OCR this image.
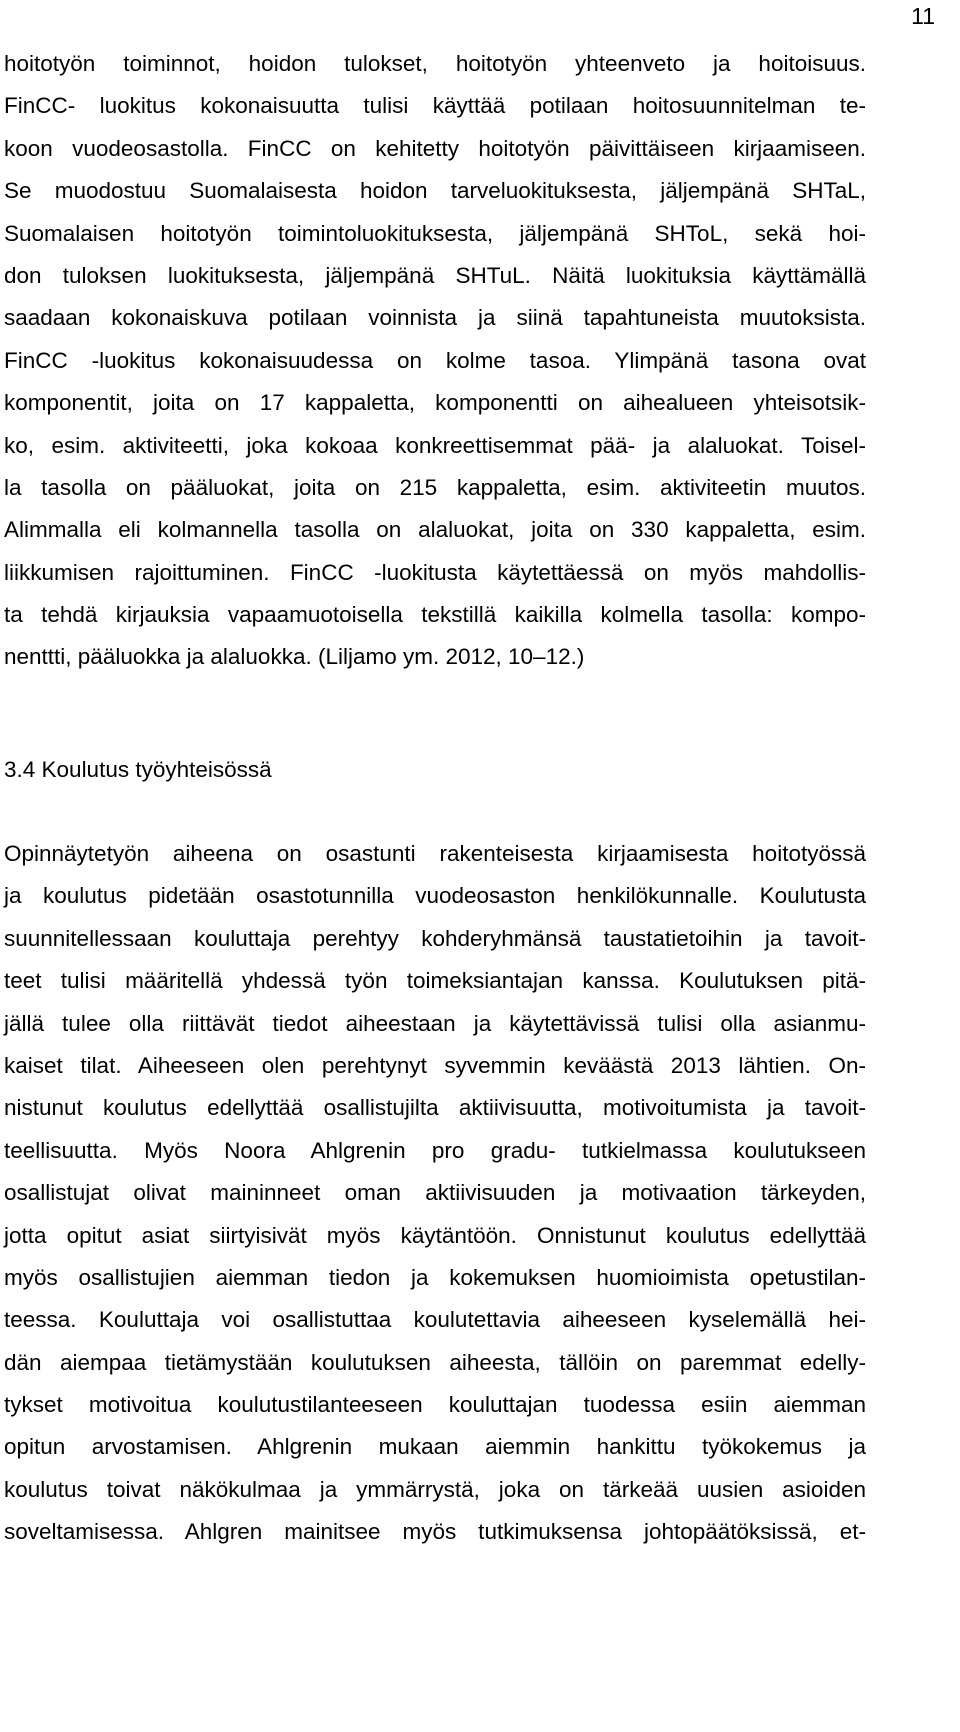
11
hoitotyön toiminnot, hoidon tulokset, hoitotyön yhteenveto ja hoitoisuus.
FinCC- luokitus kokonaisuutta tulisi käyttää potilaan hoitosuunnitelman te-
koon vuodeosastolla. FinCC on kehitetty hoitotyön päivittäiseen kirjaamiseen.
Se muodostuu Suomalaisesta hoidon tarveluokituksesta, jäljempänä SHTaL,
Suomalaisen hoitotyön toimintoluokituksesta, jäljempänä SHToL, sekä hoi-
don tuloksen luokituksesta, jäljempänä SHTuL. Näitä luokituksia käyttämällä
saadaan kokonaiskuva potilaan voinnista ja siinä tapahtuneista muutoksista.
FinCC -luokitus kokonaisuudessa on kolme tasoa. Ylimpänä tasona ovat
komponentit, joita on 17 kappaletta, komponentti on aihealueen yhteisotsik-
ko, esim. aktiviteetti, joka kokoaa konkreettisemmat pää- ja alaluokat. Toisel-
la tasolla on pääluokat, joita on 215 kappaletta, esim. aktiviteetin muutos.
Alimmalla eli kolmannella tasolla on alaluokat, joita on 330 kappaletta, esim.
liikkumisen rajoittuminen. FinCC -luokitusta käytettäessä on myös mahdollis-
ta tehdä kirjauksia vapaamuotoisella tekstillä kaikilla kolmella tasolla: kompo-
nenttti, pääluokka ja alaluokka. (Liljamo ym. 2012, 10–12.)
3.4 Koulutus työyhteisössä
Opinnäytetyön aiheena on osastunti rakenteisesta kirjaamisesta hoitotyössä
ja koulutus pidetään osastotunnilla vuodeosaston henkilökunnalle. Koulutusta
suunnitellessaan kouluttaja perehtyy kohderyhmänsä taustatietoihin ja tavoit-
teet tulisi määritellä yhdessä työn toimeksiantajan kanssa. Koulutuksen pitä-
jällä tulee olla riittävät tiedot aiheestaan ja käytettävissä tulisi olla asianmu-
kaiset tilat. Aiheeseen olen perehtynyt syvemmin keväästä 2013 lähtien. On-
nistunut koulutus edellyttää osallistujilta aktiivisuutta, motivoitumista ja tavoit-
teellisuutta. Myös Noora Ahlgrenin pro gradu- tutkielmassa koulutukseen
osallistujat olivat maininneet oman aktiivisuuden ja motivaation tärkeyden,
jotta opitut asiat siirtyisivät myös käytäntöön. Onnistunut koulutus edellyttää
myös osallistujien aiemman tiedon ja kokemuksen huomioimista opetustilan-
teessa. Kouluttaja voi osallistuttaa koulutettavia aiheeseen kyselemällä hei-
dän aiempaa tietämystään koulutuksen aiheesta, tällöin on paremmat edelly-
tykset motivoitua koulutustilanteeseen kouluttajan tuodessa esiin aiemman
opitun arvostamisen. Ahlgrenin mukaan aiemmin hankittu työkokemus ja
koulutus toivat näkökulmaa ja ymmärrystä, joka on tärkeää uusien asioiden
soveltamisessa. Ahlgren mainitsee myös tutkimuksensa johtopäätöksissä, et-
